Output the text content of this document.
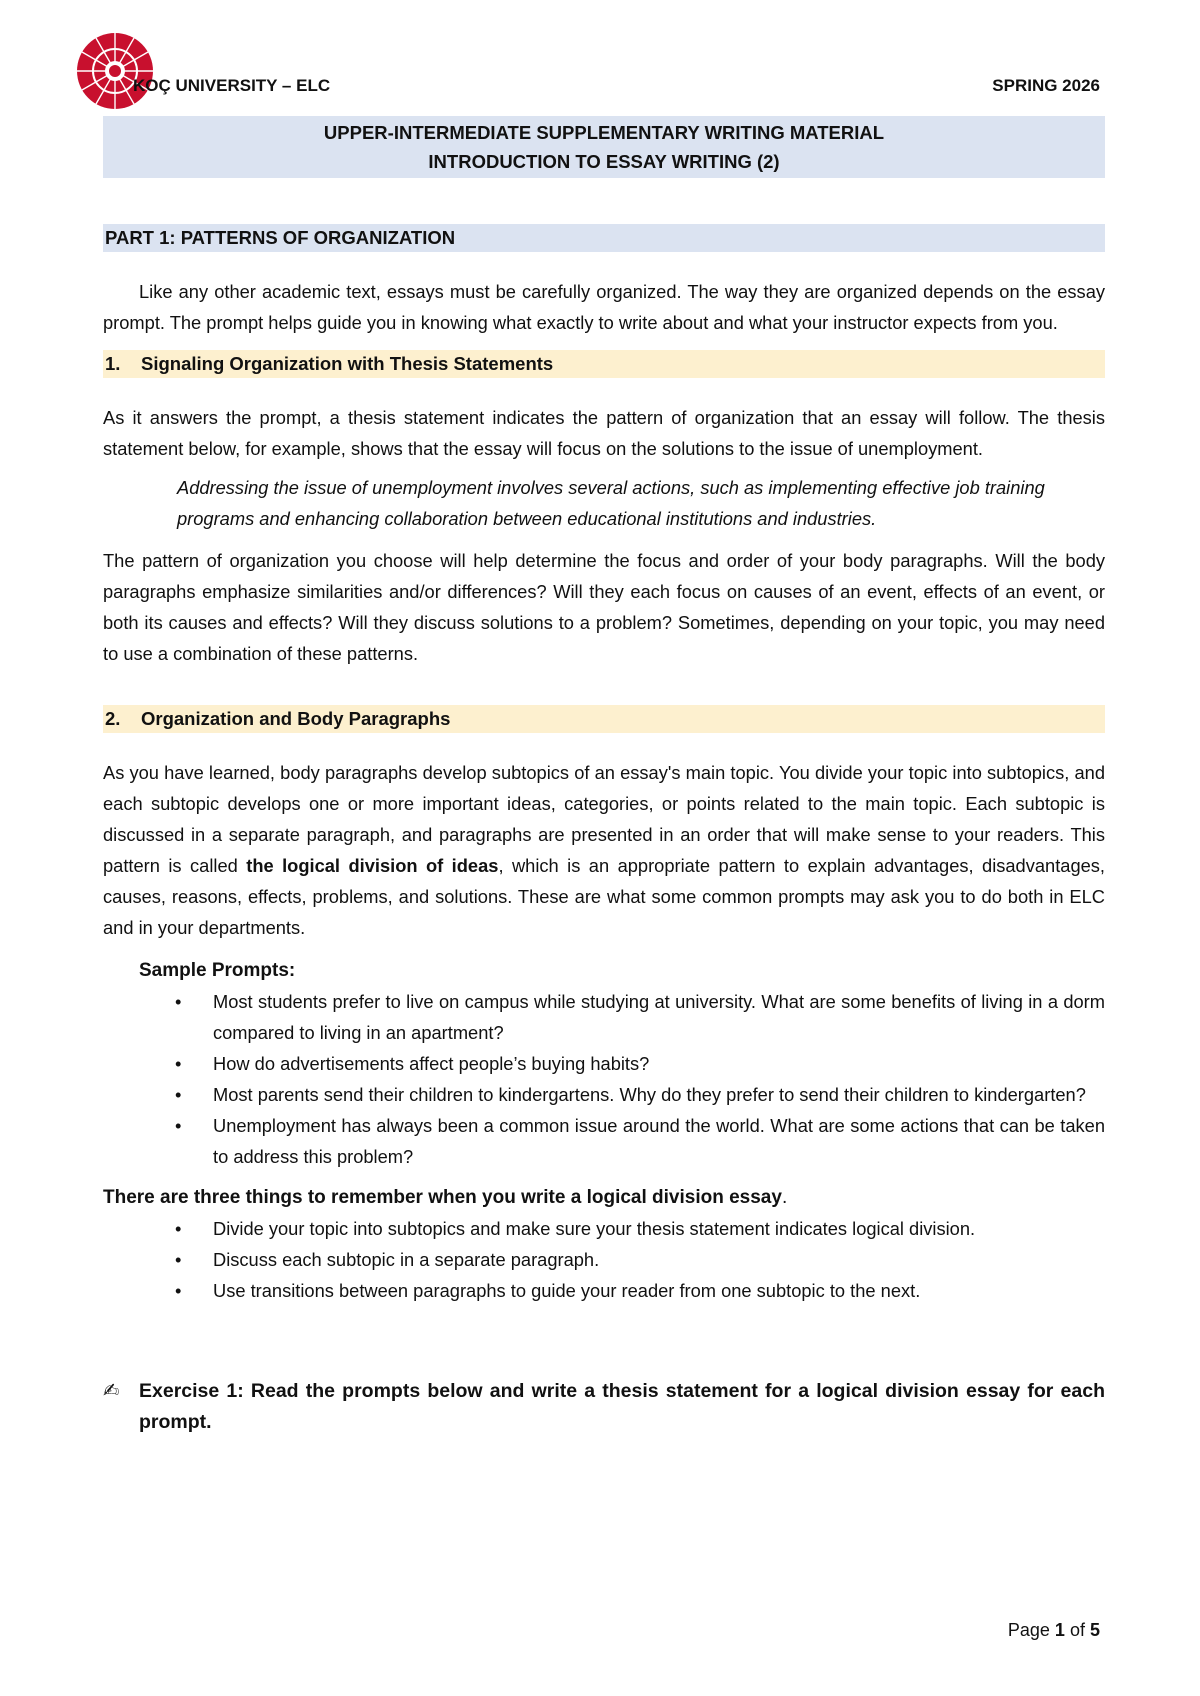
KOÇ UNIVERSITY – ELC	SPRING 2026
UPPER-INTERMEDIATE SUPPLEMENTARY WRITING MATERIAL
INTRODUCTION TO ESSAY WRITING (2)
PART 1: PATTERNS OF ORGANIZATION

Like any other academic text, essays must be carefully organized. The way they are organized depends on the essay prompt. The prompt helps guide you in knowing what exactly to write about and what your instructor expects from you.

1. Signaling Organization with Thesis Statements

As it answers the prompt, a thesis statement indicates the pattern of organization that an essay will follow. The thesis statement below, for example, shows that the essay will focus on the solutions to the issue of unemployment.

Addressing the issue of unemployment involves several actions, such as implementing effective job training programs and enhancing collaboration between educational institutions and industries.

The pattern of organization you choose will help determine the focus and order of your body paragraphs. Will the body paragraphs emphasize similarities and/or differences? Will they each focus on causes of an event, effects of an event, or both its causes and effects? Will they discuss solutions to a problem? Sometimes, depending on your topic, you may need to use a combination of these patterns.

2. Organization and Body Paragraphs

As you have learned, body paragraphs develop subtopics of an essay's main topic. You divide your topic into subtopics, and each subtopic develops one or more important ideas, categories, or points related to the main topic. Each subtopic is discussed in a separate paragraph, and paragraphs are presented in an order that will make sense to your readers. This pattern is called the logical division of ideas, which is an appropriate pattern to explain advantages, disadvantages, causes, reasons, effects, problems, and solutions. These are what some common prompts may ask you to do both in ELC and in your departments.

Sample Prompts:
• Most students prefer to live on campus while studying at university. What are some benefits of living in a dorm compared to living in an apartment?
• How do advertisements affect people’s buying habits?
• Most parents send their children to kindergartens. Why do they prefer to send their children to kindergarten?
• Unemployment has always been a common issue around the world. What are some actions that can be taken to address this problem?
There are three things to remember when you write a logical division essay.
• Divide your topic into subtopics and make sure your thesis statement indicates logical division.
• Discuss each subtopic in a separate paragraph.
• Use transitions between paragraphs to guide your reader from one subtopic to the next.
✍ Exercise 1: Read the prompts below and write a thesis statement for a logical division essay for each prompt.
Page 1 of 5
